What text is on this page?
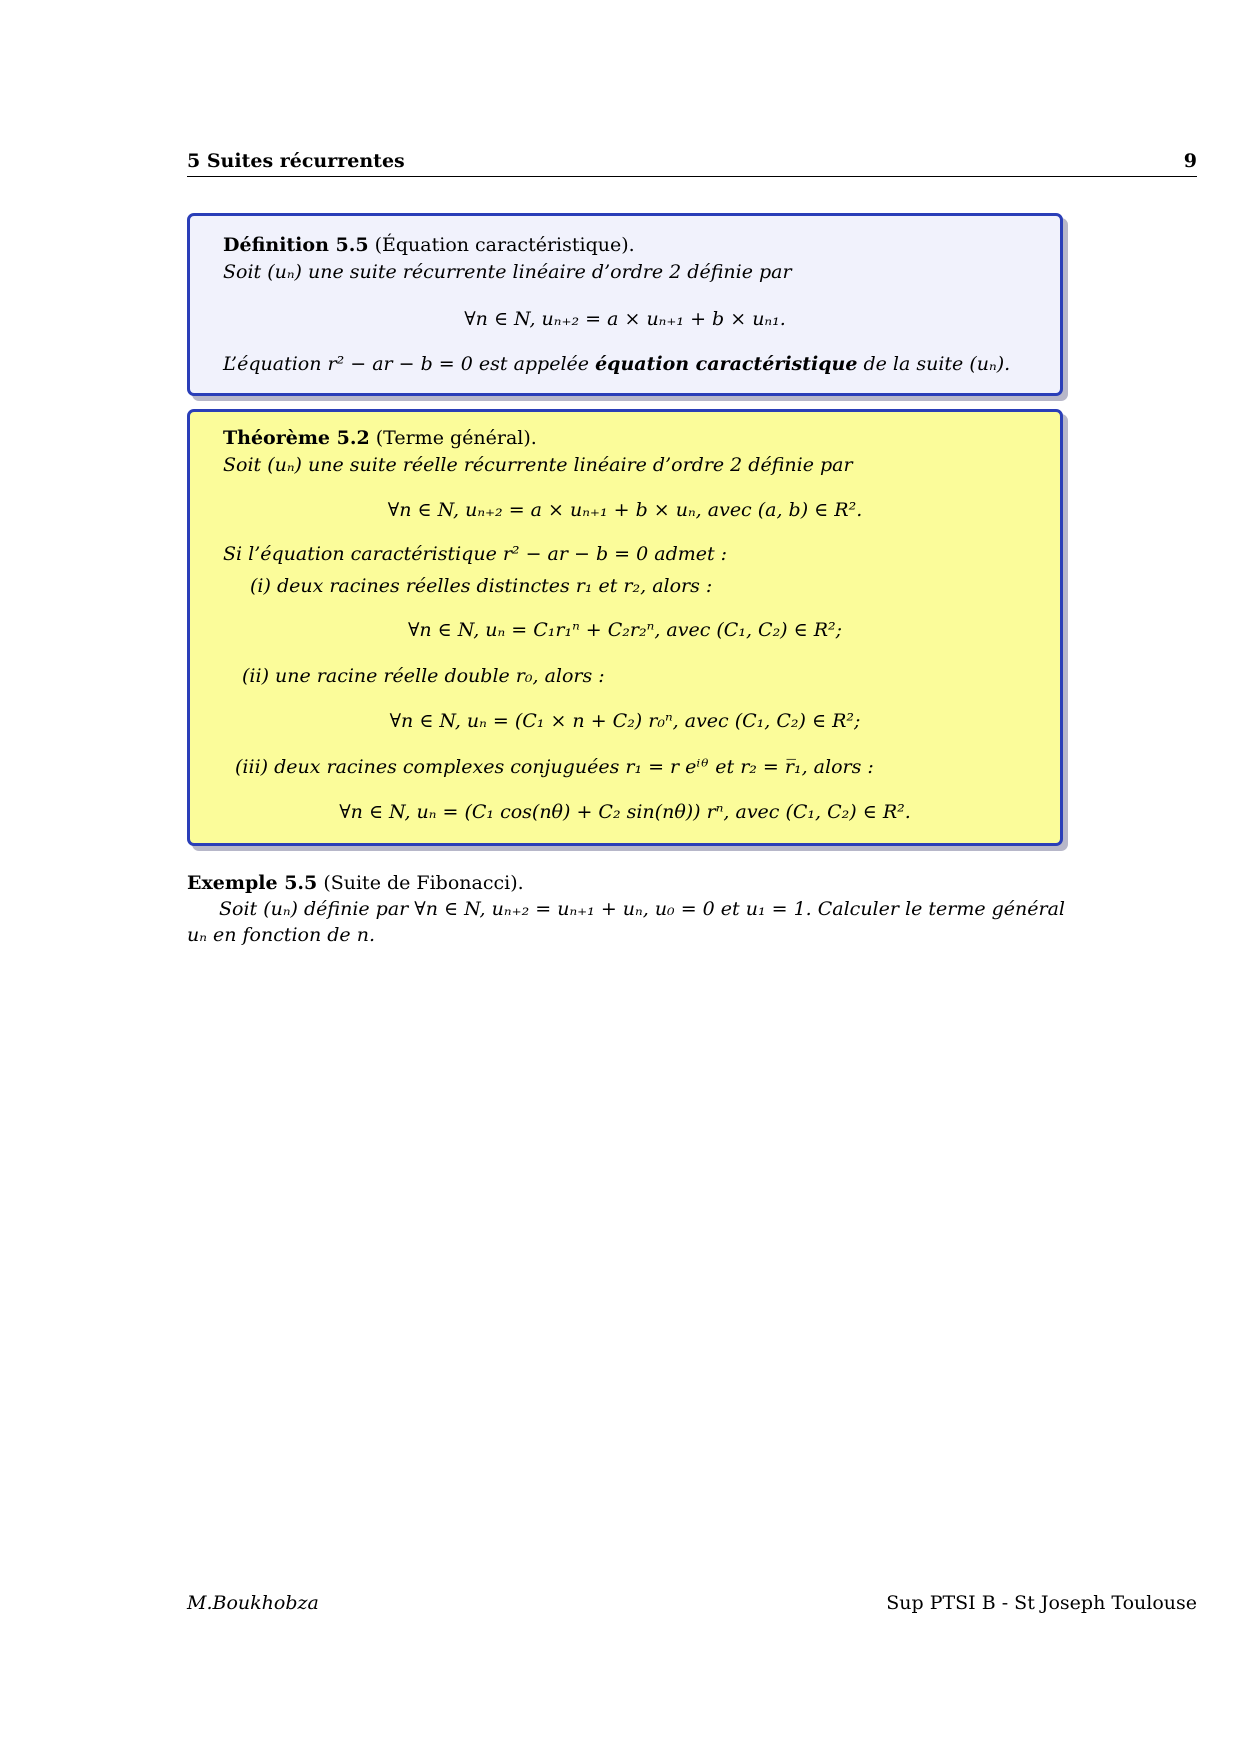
5 Suites récurrentes	9
Définition 5.5 (Équation caractéristique).
Soit (uₙ) une suite récurrente linéaire d’ordre 2 définie par
∀n ∈ N, uₙ₊₂ = a × uₙ₊₁ + b × uₙ₁.
L’équation r² − ar − b = 0 est appelée équation caractéristique de la suite (uₙ).
Théorème 5.2 (Terme général).
Soit (uₙ) une suite réelle récurrente linéaire d’ordre 2 définie par
∀n ∈ N, uₙ₊₂ = a × uₙ₊₁ + b × uₙ, avec (a, b) ∈ R².
Si l’équation caractéristique r² − ar − b = 0 admet :
(i) deux racines réelles distinctes r₁ et r₂, alors :
∀n ∈ N, uₙ = C₁r₁ⁿ + C₂r₂ⁿ, avec (C₁, C₂) ∈ R²;
(ii) une racine réelle double r₀, alors :
∀n ∈ N, uₙ = (C₁ × n + C₂) r₀ⁿ, avec (C₁, C₂) ∈ R²;
(iii) deux racines complexes conjuguées r₁ = r eⁱᶿ et r₂ = r̅₁, alors :
∀n ∈ N, uₙ = (C₁ cos(nθ) + C₂ sin(nθ)) rⁿ, avec (C₁, C₂) ∈ R².
Exemple 5.5 (Suite de Fibonacci).
Soit (uₙ) définie par ∀n ∈ N, uₙ₊₂ = uₙ₊₁ + uₙ, u₀ = 0 et u₁ = 1. Calculer le terme général
uₙ en fonction de n.
M.Boukhobza	Sup PTSI B - St Joseph Toulouse
